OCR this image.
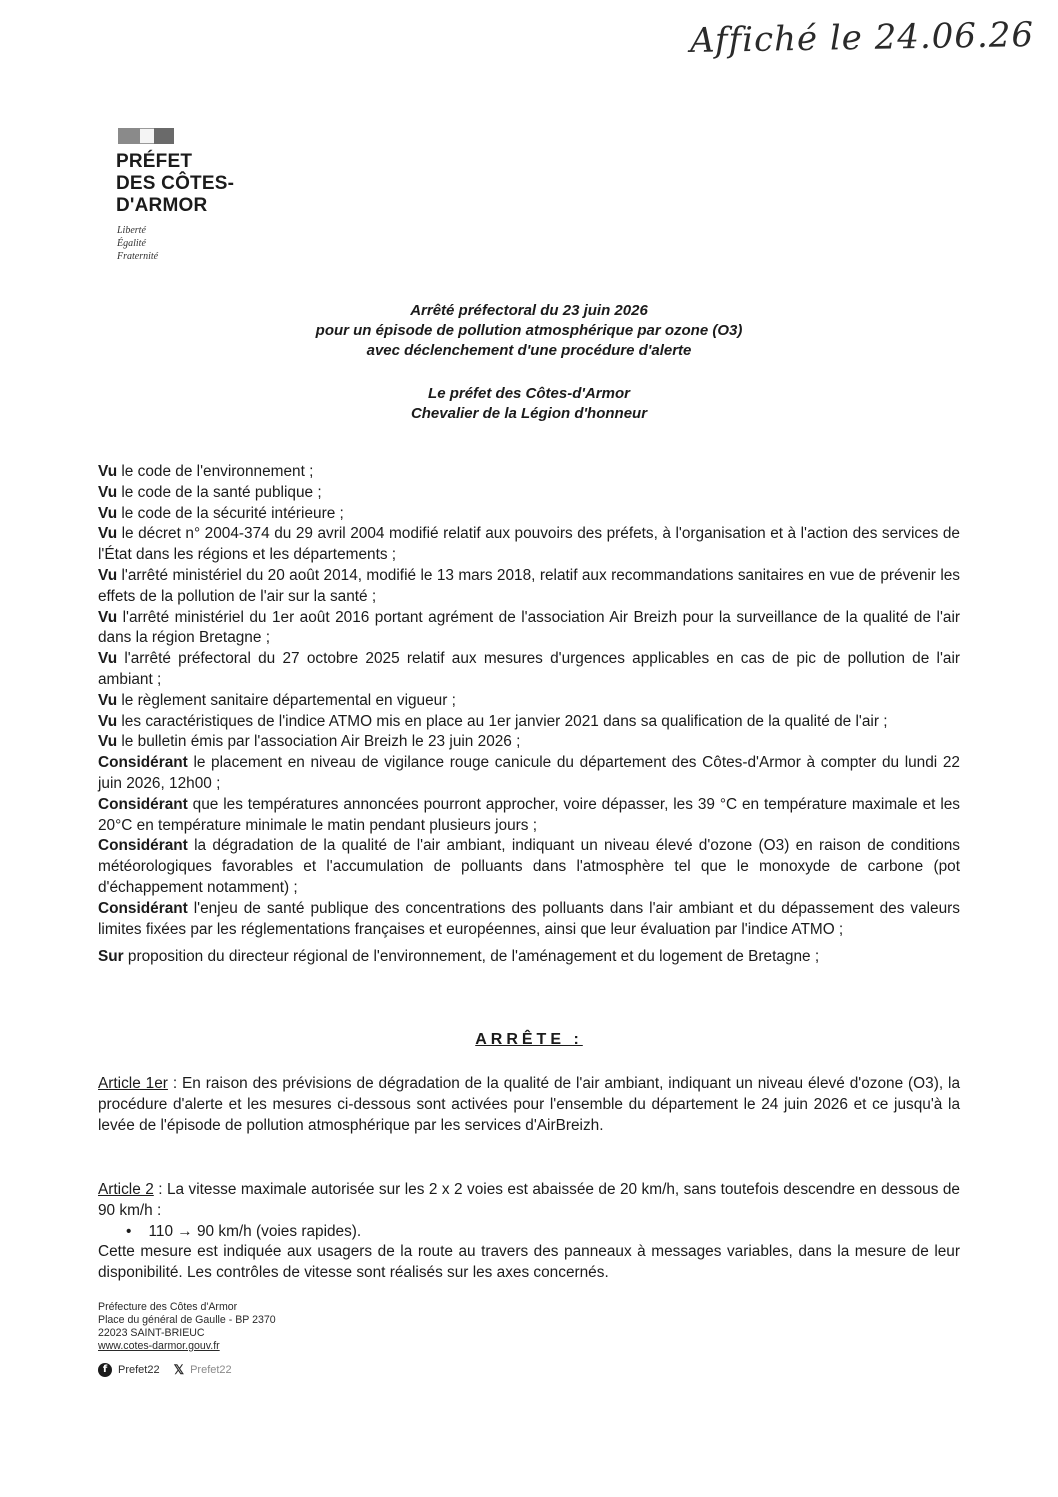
Affiché le 24.06.26
PRÉFET
DES CÔTES-
D'ARMOR
Liberté
Égalité
Fraternité
Arrêté préfectoral du 23 juin 2026
pour un épisode de pollution atmosphérique par ozone (O3)
avec déclenchement d'une procédure d'alerte
Le préfet des Côtes-d'Armor
Chevalier de la Légion d'honneur

Vu le code de l'environnement ;

Vu le code de la santé publique ;

Vu le code de la sécurité intérieure ;

Vu le décret n° 2004-374 du 29 avril 2004 modifié relatif aux pouvoirs des préfets, à l'organisation et à l'action des services de l'État dans les régions et les départements ;

Vu l'arrêté ministériel du 20 août 2014, modifié le 13 mars 2018, relatif aux recommandations sanitaires en vue de prévenir les effets de la pollution de l'air sur la santé ;

Vu l'arrêté ministériel du 1er août 2016 portant agrément de l'association Air Breizh pour la surveillance de la qualité de l'air dans la région Bretagne ;

Vu l'arrêté préfectoral du 27 octobre 2025 relatif aux mesures d'urgences applicables en cas de pic de pollution de l'air ambiant ;

Vu le règlement sanitaire départemental en vigueur ;

Vu les caractéristiques de l'indice ATMO mis en place au 1er janvier 2021 dans sa qualification de la qualité de l'air ;

Vu le bulletin émis par l'association Air Breizh le 23 juin 2026 ;

Considérant le placement en niveau de vigilance rouge canicule du département des Côtes-d'Armor à compter du lundi 22 juin 2026, 12h00 ;

Considérant que les températures annoncées pourront approcher, voire dépasser, les 39 °C en température maximale et les 20°C en température minimale le matin pendant plusieurs jours ;

Considérant la dégradation de la qualité de l'air ambiant, indiquant un niveau élevé d'ozone (O3) en raison de conditions météorologiques favorables et l'accumulation de polluants dans l'atmosphère tel que le monoxyde de carbone (pot d'échappement notamment) ;

Considérant l'enjeu de santé publique des concentrations des polluants dans l'air ambiant et du dépassement des valeurs limites fixées par les réglementations françaises et européennes, ainsi que leur évaluation par l'indice ATMO ;

Sur proposition du directeur régional de l'environnement, de l'aménagement et du logement de Bretagne ;

ARRÊTE :

Article 1er : En raison des prévisions de dégradation de la qualité de l'air ambiant, indiquant un niveau élevé d'ozone (O3), la procédure d'alerte et les mesures ci-dessous sont activées pour l'ensemble du département le 24 juin 2026 et ce jusqu'à la levée de l'épisode de pollution atmosphérique par les services d'AirBreizh.

Article 2 : La vitesse maximale autorisée sur les 2 x 2 voies est abaissée de 20 km/h, sans toutefois descendre en dessous de 90 km/h :

•    110 → 90 km/h (voies rapides).

Cette mesure est indiquée aux usagers de la route au travers des panneaux à messages variables, dans la mesure de leur disponibilité. Les contrôles de vitesse sont réalisés sur les axes concernés.

Préfecture des Côtes d'Armor
Place du général de Gaulle - BP 2370
22023 SAINT-BRIEUC
www.cotes-darmor.gouv.fr
f Prefet22 𝕏 Prefet22
